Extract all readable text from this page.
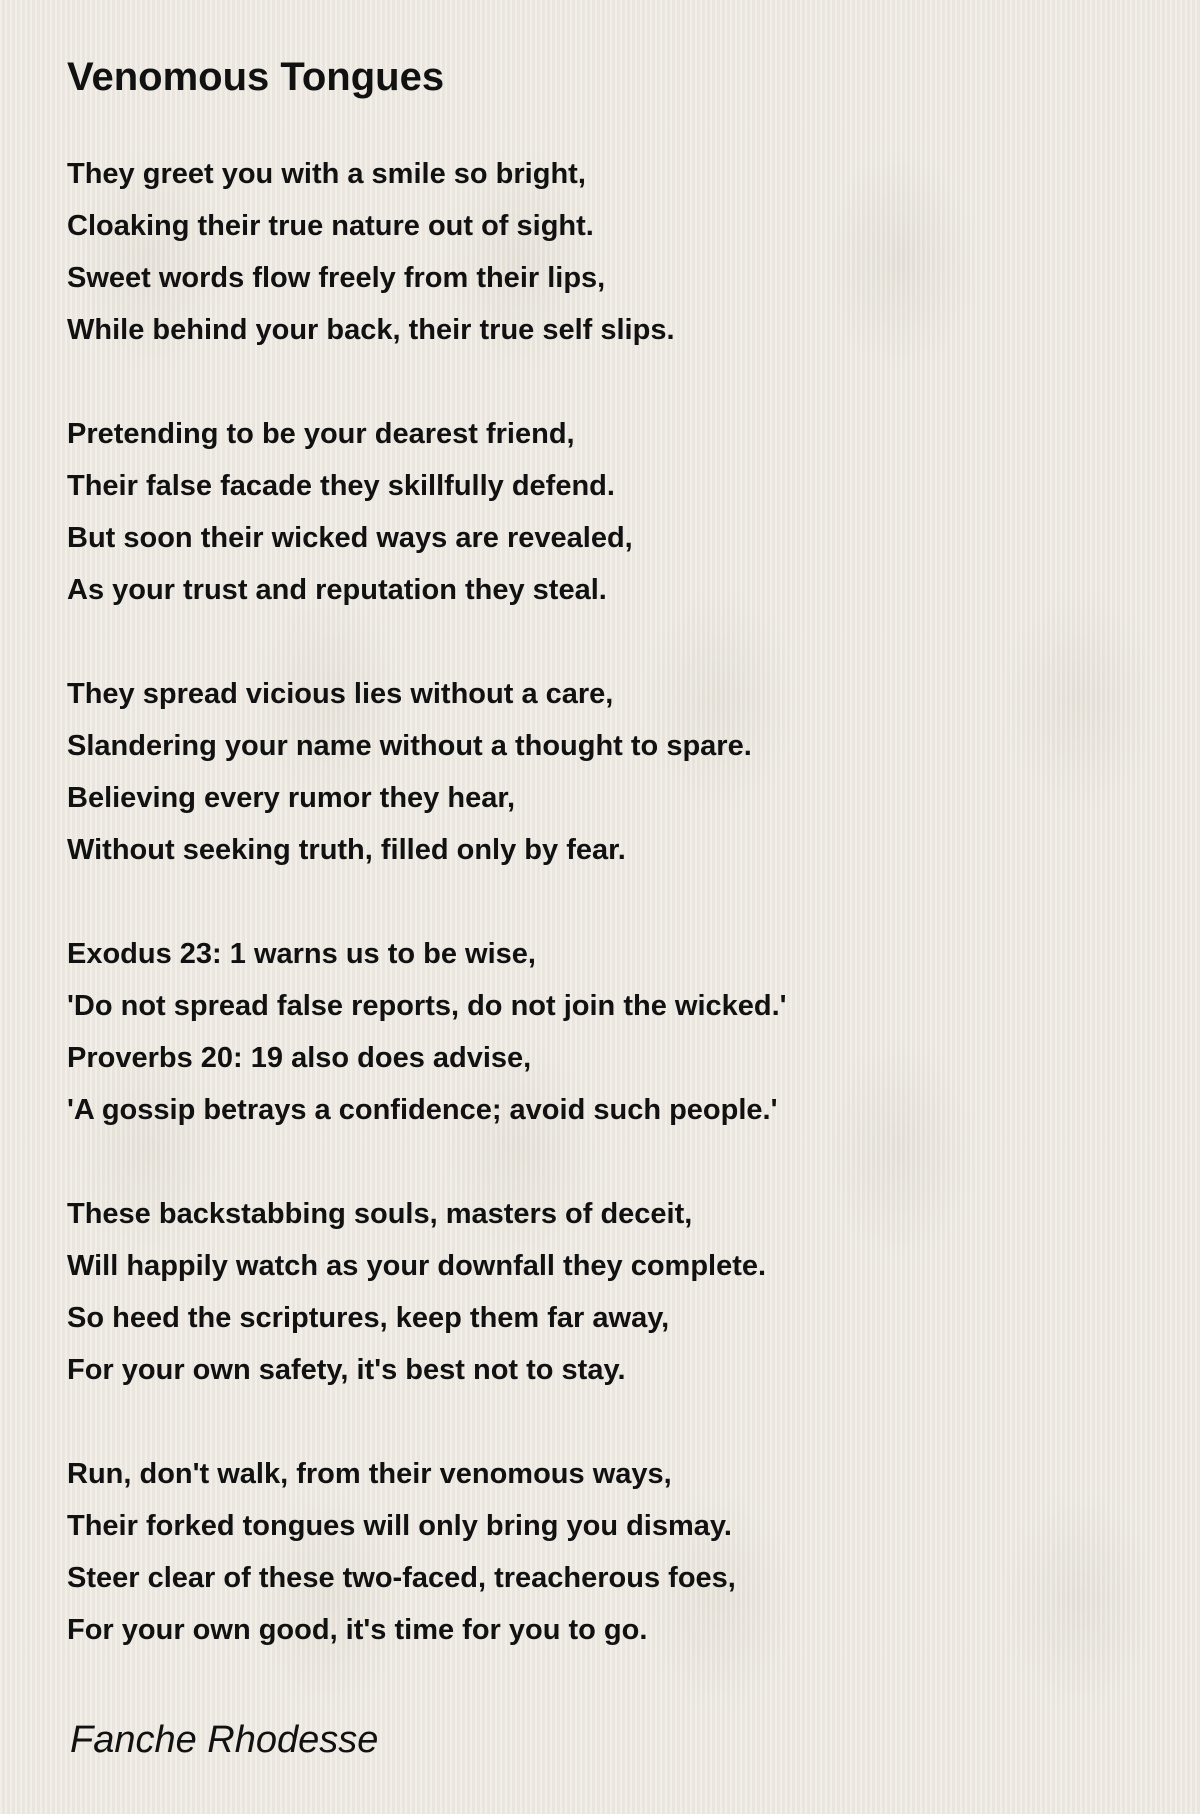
Venomous Tongues
They greet you with a smile so bright,
Cloaking their true nature out of sight.
Sweet words flow freely from their lips,
While behind your back, their true self slips.
Pretending to be your dearest friend,
Their false facade they skillfully defend.
But soon their wicked ways are revealed,
As your trust and reputation they steal.
They spread vicious lies without a care,
Slandering your name without a thought to spare.
Believing every rumor they hear,
Without seeking truth, filled only by fear.
Exodus 23: 1 warns us to be wise,
'Do not spread false reports, do not join the wicked.'
Proverbs 20: 19 also does advise,
'A gossip betrays a confidence; avoid such people.'
These backstabbing souls, masters of deceit,
Will happily watch as your downfall they complete.
So heed the scriptures, keep them far away,
For your own safety, it's best not to stay.
Run, don't walk, from their venomous ways,
Their forked tongues will only bring you dismay.
Steer clear of these two-faced, treacherous foes,
For your own good, it's time for you to go.
Fanche Rhodesse
